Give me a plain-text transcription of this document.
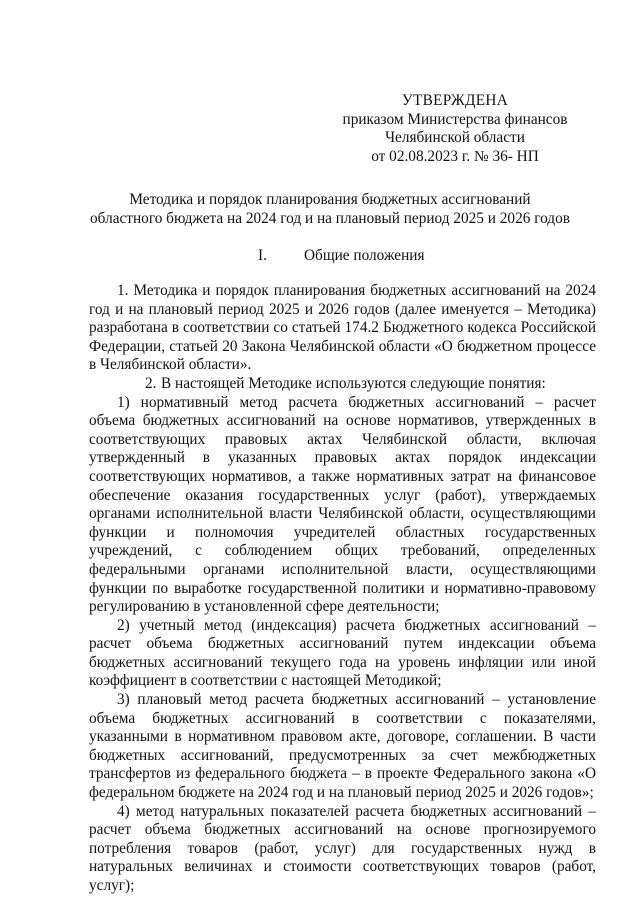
УТВЕРЖДЕНА
приказом Министерства финансов
Челябинской области
от 02.08.2023 г. № 36- НП
Методика и порядок планирования бюджетных ассигнований
областного бюджета на 2024 год и на плановый период 2025 и 2026 годов
I. Общие положения

1. Методика и порядок планирования бюджетных ассигнований на 2024 год и на плановый период 2025 и 2026 годов (далее именуется – Методика) разработана в соответствии со статьей 174.2 Бюджетного кодекса Российской Федерации, статьей 20 Закона Челябинской области «О бюджетном процессе в Челябинской области».

2. В настоящей Методике используются следующие понятия:

1) нормативный метод расчета бюджетных ассигнований – расчет объема бюджетных ассигнований на основе нормативов, утвержденных в соответствующих правовых актах Челябинской области, включая утвержденный в указанных правовых актах порядок индексации соответствующих нормативов, а также нормативных затрат на финансовое обеспечение оказания государственных услуг (работ), утверждаемых органами исполнительной власти Челябинской области, осуществляющими функции и полномочия учредителей областных государственных учреждений, с соблюдением общих требований, определенных федеральными органами исполнительной власти, осуществляющими функции по выработке государственной политики и нормативно-правовому регулированию в установленной сфере деятельности;

2) учетный метод (индексация) расчета бюджетных ассигнований – расчет объема бюджетных ассигнований путем индексации объема бюджетных ассигнований текущего года на уровень инфляции или иной коэффициент в соответствии с настоящей Методикой;

3) плановый метод расчета бюджетных ассигнований – установление объема бюджетных ассигнований в соответствии с показателями, указанными в нормативном правовом акте, договоре, соглашении. В части бюджетных ассигнований, предусмотренных за счет межбюджетных трансфертов из федерального бюджета – в проекте Федерального закона «О федеральном бюджете на 2024 год и на плановый период 2025 и 2026 годов»;

4) метод натуральных показателей расчета бюджетных ассигнований – расчет объема бюджетных ассигнований на основе прогнозируемого потребления товаров (работ, услуг) для государственных нужд в натуральных величинах и стоимости соответствующих товаров (работ, услуг);
